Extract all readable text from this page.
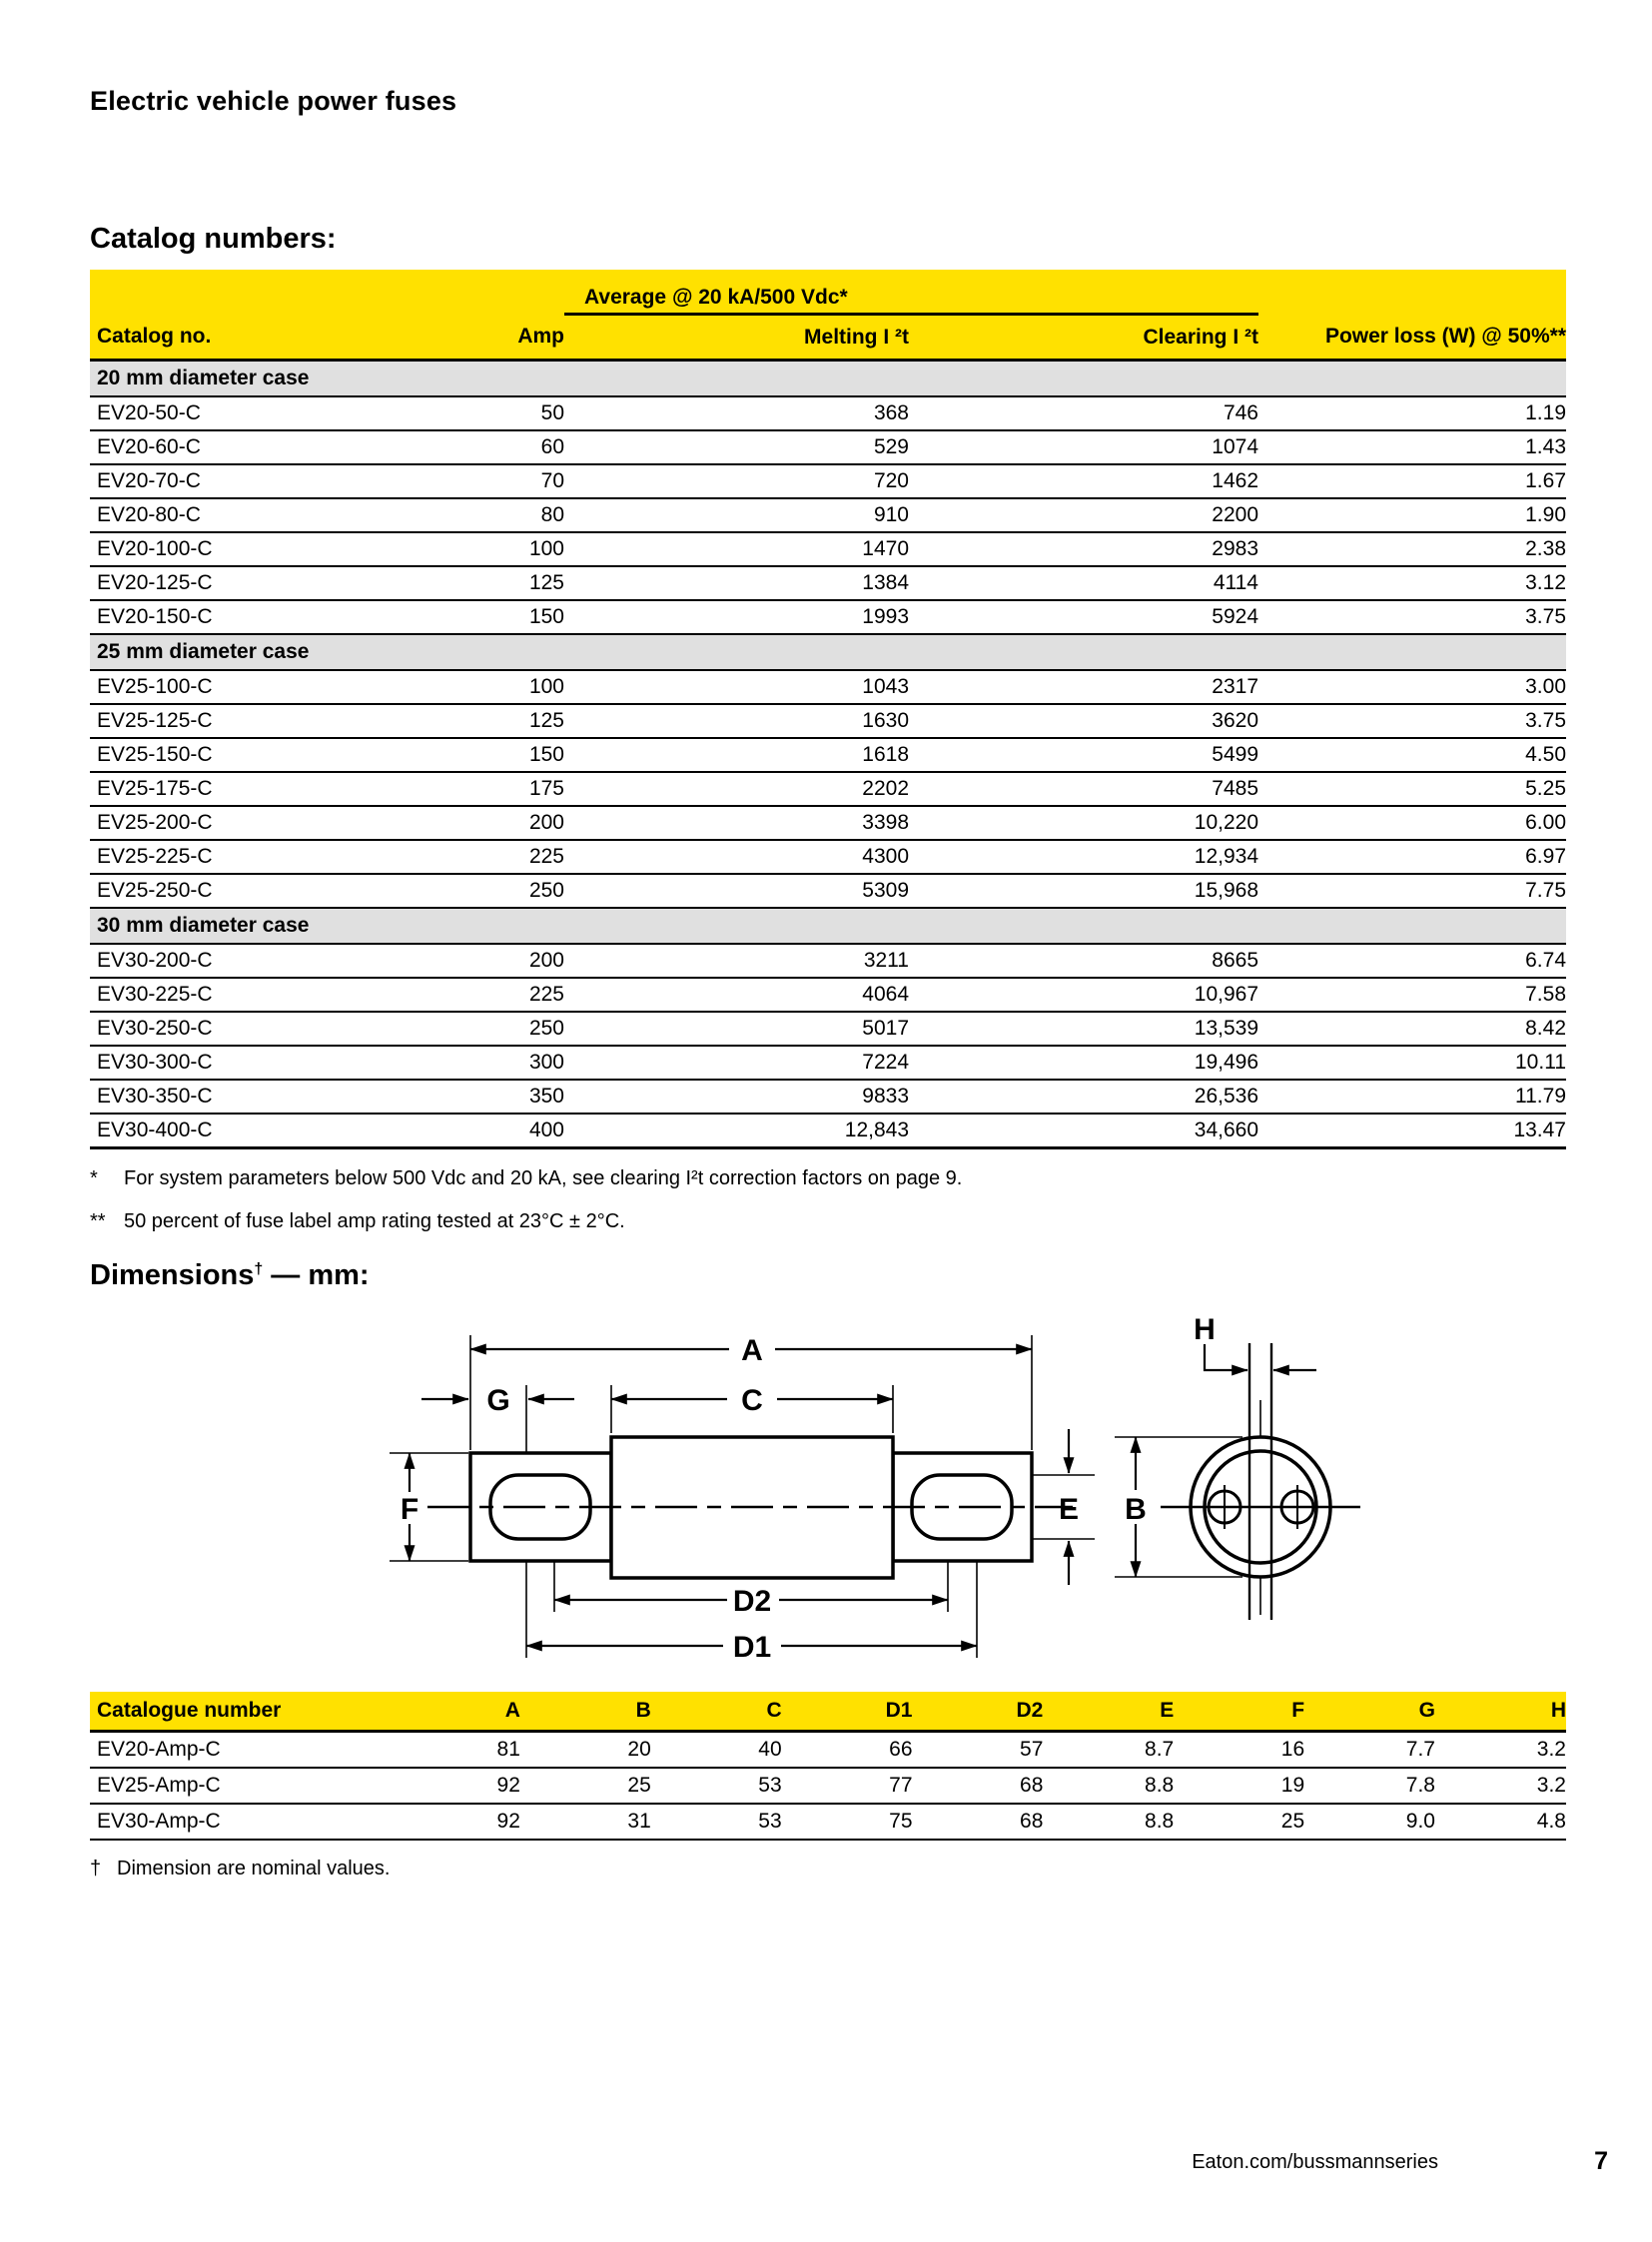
Electric vehicle power fuses
Catalog numbers:
		Average @ 20 kA/500 Vdc*		
Catalog no.	Amp	Melting I ²t	Clearing I ²t	Power loss (W) @ 50%**
20 mm diameter case				
EV20-50-C	50	368	746	1.19
EV20-60-C	60	529	1074	1.43
EV20-70-C	70	720	1462	1.67
EV20-80-C	80	910	2200	1.90
EV20-100-C	100	1470	2983	2.38
EV20-125-C	125	1384	4114	3.12
EV20-150-C	150	1993	5924	3.75
25 mm diameter case				
EV25-100-C	100	1043	2317	3.00
EV25-125-C	125	1630	3620	3.75
EV25-150-C	150	1618	5499	4.50
EV25-175-C	175	2202	7485	5.25
EV25-200-C	200	3398	10,220	6.00
EV25-225-C	225	4300	12,934	6.97
EV25-250-C	250	5309	15,968	7.75
30 mm diameter case				
EV30-200-C	200	3211	8665	6.74
EV30-225-C	225	4064	10,967	7.58
EV30-250-C	250	5017	13,539	8.42
EV30-300-C	300	7224	19,496	10.11
EV30-350-C	350	9833	26,536	11.79
EV30-400-C	400	12,843	34,660	13.47
*	For system parameters below 500 Vdc and 20 kA, see clearing I²t correction factors on page 9.
** 50 percent of fuse label amp rating tested at 23°C ± 2°C.
Dimensions† — mm:
A
G	C
F	E
D2
D1
B
H
Catalogue number	A	B	C	D1	D2	E	F	G	H
EV20-Amp-C	81	20	40	66	57	8.7	16	7.7	3.2
EV25-Amp-C	92	25	53	77	68	8.8	19	7.8	3.2
EV30-Amp-C	92	31	53	75	68	8.8	25	9.0	4.8
† Dimension are nominal values.
Eaton.com/bussmannseries	7
